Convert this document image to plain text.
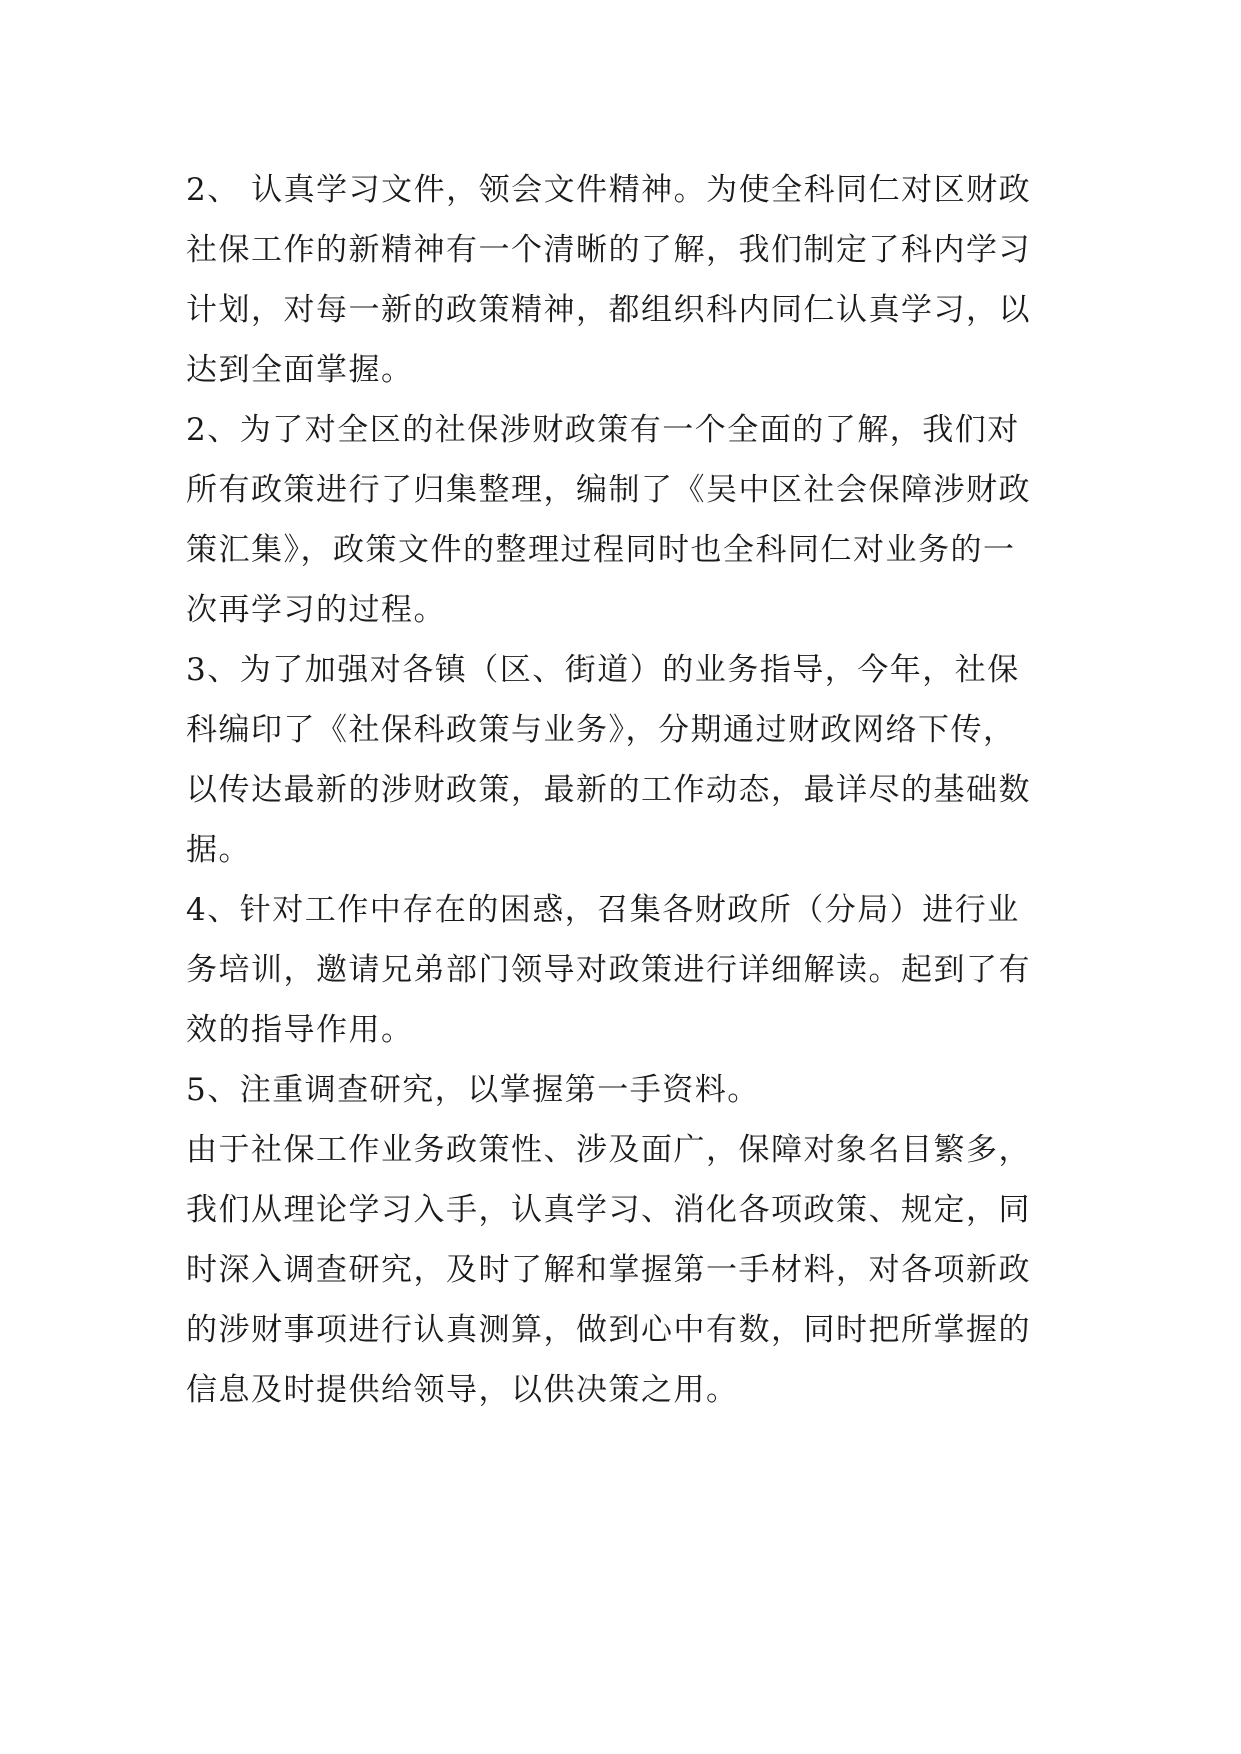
2、 认真学习文件，领会文件精神。为使全科同仁对区财政
社保工作的新精神有一个清晰的了解，我们制定了科内学习
计划，对每一新的政策精神，都组织科内同仁认真学习，以
达到全面掌握。
2、为了对全区的社保涉财政策有一个全面的了解，我们对
所有政策进行了归集整理，编制了《吴中区社会保障涉财政
策汇集》，政策文件的整理过程同时也全科同仁对业务的一
次再学习的过程。
3、为了加强对各镇（区、街道）的业务指导，今年，社保
科编印了《社保科政策与业务》，分期通过财政网络下传，
以传达最新的涉财政策，最新的工作动态，最详尽的基础数
据。
4、针对工作中存在的困惑，召集各财政所（分局）进行业
务培训，邀请兄弟部门领导对政策进行详细解读。起到了有
效的指导作用。
5、注重调查研究，以掌握第一手资料。
由于社保工作业务政策性、涉及面广，保障对象名目繁多，
我们从理论学习入手，认真学习、消化各项政策、规定，同
时深入调查研究，及时了解和掌握第一手材料，对各项新政
的涉财事项进行认真测算，做到心中有数，同时把所掌握的
信息及时提供给领导，以供决策之用。
